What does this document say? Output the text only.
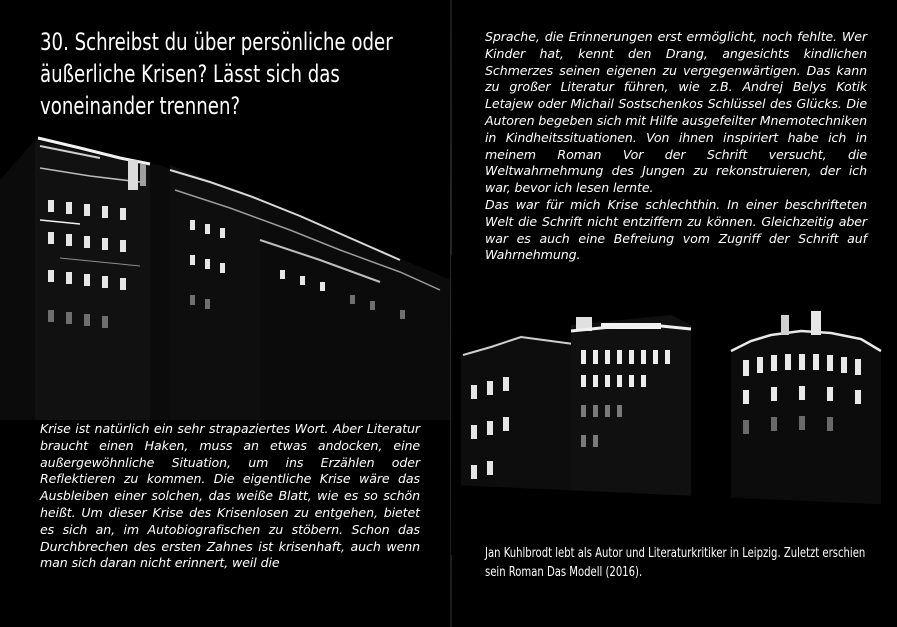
30. Schreibst du über persönliche oder äußerliche Krisen? Lässt sich das voneinander trennen?

Krise ist natürlich ein sehr strapaziertes Wort. Aber Literatur braucht einen Haken, muss an etwas andocken, eine außergewöhnliche Situation, um ins Erzählen oder Reflektieren zu kommen. Die eigentliche Krise wäre das Ausbleiben einer solchen, das weiße Blatt, wie es so schön heißt. Um dieser Krise des Krisenlosen zu entgehen, bietet es sich an, im Autobiografischen zu stöbern. Schon das Durchbrechen des ersten Zahnes ist krisenhaft, auch wenn man sich daran nicht erinnert, weil die

Sprache, die Erinnerungen erst ermöglicht, noch fehlte. Wer Kinder hat, kennt den Drang, angesichts kindlichen Schmerzes seinen eigenen zu vergegenwärtigen. Das kann zu großer Literatur führen, wie z.B. Andrej Belys Kotik Letajew oder Michail Sostschenkos Schlüssel des Glücks. Die Autoren begeben sich mit Hilfe ausgefeilter Mnemotechniken in Kindheitssituationen. Von ihnen inspiriert habe ich in meinem Roman Vor der Schrift versucht, die Weltwahrnehmung des Jungen zu rekonstruieren, der ich war, bevor ich lesen lernte.
Das war für mich Krise schlechthin. In einer beschrifteten Welt die Schrift nicht entziffern zu können. Gleichzeitig aber war es auch eine Befreiung vom Zugriff der Schrift auf Wahrnehmung.

Jan Kuhlbrodt lebt als Autor und Literaturkritiker in Leipzig. Zuletzt erschien sein Roman Das Modell (2016).
